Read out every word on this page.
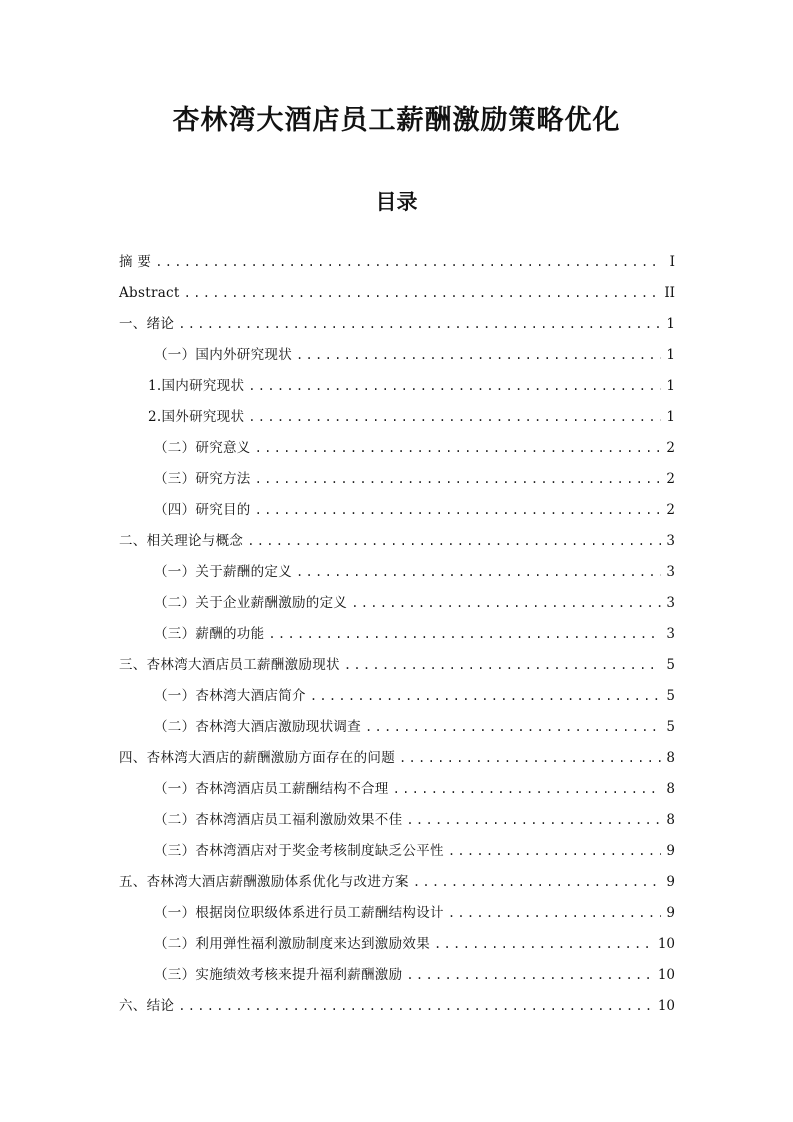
杏林湾大酒店员工薪酬激励策略优化
目录
摘 要 .....	I
Abstract .....	II
一、绪论 .....	1
（一）国内外研究现状 .....	1
1.国内研究现状 .....	1
2.国外研究现状 .....	1
（二）研究意义 .....	2
（三）研究方法 .....	2
（四）研究目的 .....	2
二、相关理论与概念 .....	3
（一）关于薪酬的定义 .....	3
（二）关于企业薪酬激励的定义 .....	3
（三）薪酬的功能 .....	3
三、杏林湾大酒店员工薪酬激励现状 .....	5
（一）杏林湾大酒店简介 .....	5
（二）杏林湾大酒店激励现状调查 .....	5
四、杏林湾大酒店的薪酬激励方面存在的问题 .....	8
（一）杏林湾酒店员工薪酬结构不合理 .....	8
（二）杏林湾酒店员工福利激励效果不佳 .....	8
（三）杏林湾酒店对于奖金考核制度缺乏公平性 .....	9
五、杏林湾大酒店薪酬激励体系优化与改进方案 .....	9
（一）根据岗位职级体系进行员工薪酬结构设计 .....	9
（二）利用弹性福利激励制度来达到激励效果 .....	10
（三）实施绩效考核来提升福利薪酬激励 .....	10
六、结论 .....	10
